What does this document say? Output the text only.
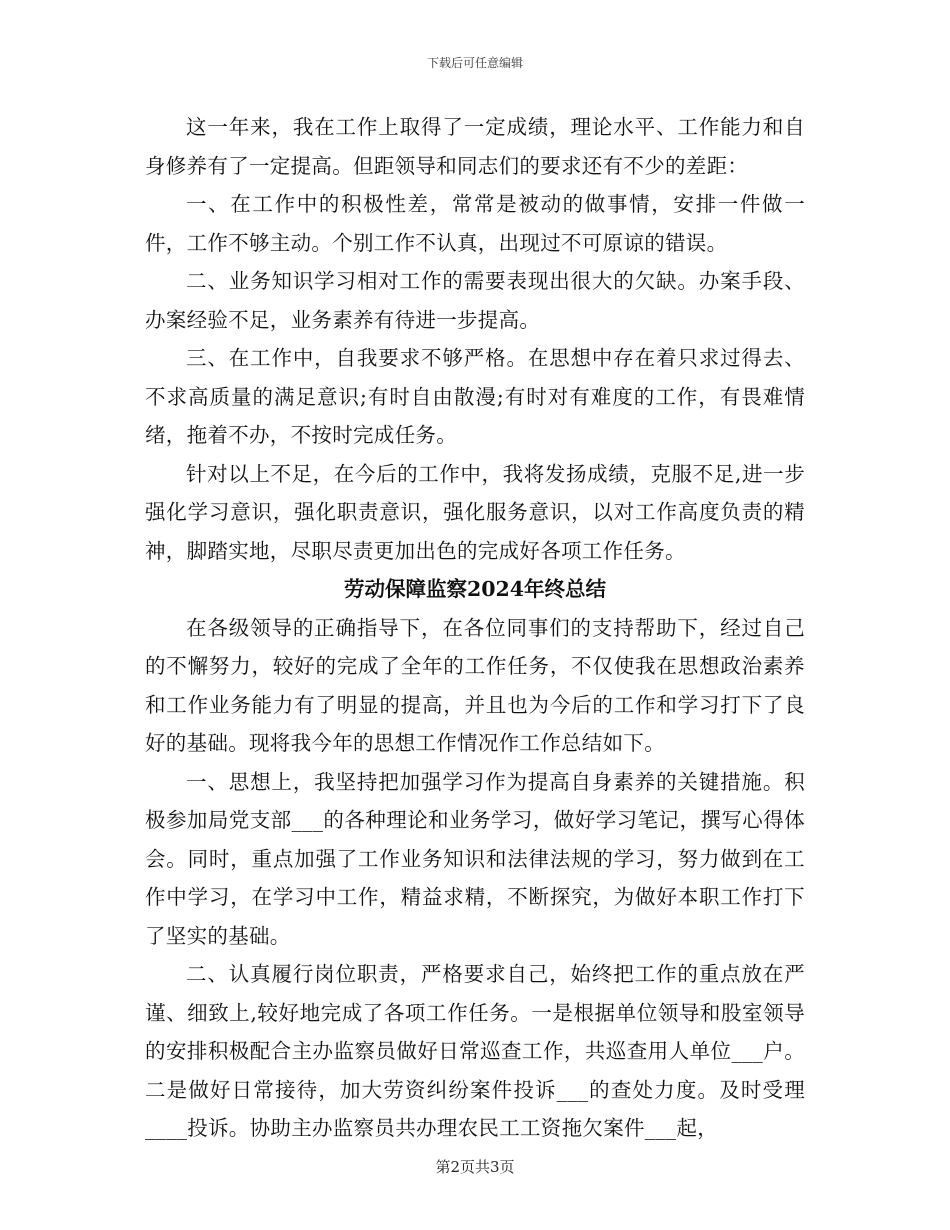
下载后可任意编辑

这一年来，我在工作上取得了一定成绩，理论水平、工作能力和自身修养有了一定提高。但距领导和同志们的要求还有不少的差距：

一、在工作中的积极性差，常常是被动的做事情，安排一件做一件，工作不够主动。个别工作不认真，出现过不可原谅的错误。

二、业务知识学习相对工作的需要表现出很大的欠缺。办案手段、办案经验不足，业务素养有待进一步提高。

三、在工作中，自我要求不够严格。在思想中存在着只求过得去、不求高质量的满足意识;有时自由散漫;有时对有难度的工作，有畏难情绪，拖着不办，不按时完成任务。

针对以上不足，在今后的工作中，我将发扬成绩，克服不足,进一步强化学习意识，强化职责意识，强化服务意识，以对工作高度负责的精神，脚踏实地，尽职尽责更加出色的完成好各项工作任务。

劳动保障监察2024年终总结

在各级领导的正确指导下，在各位同事们的支持帮助下，经过自己的不懈努力，较好的完成了全年的工作任务，不仅使我在思想政治素养和工作业务能力有了明显的提高，并且也为今后的工作和学习打下了良好的基础。现将我今年的思想工作情况作工作总结如下。

一、思想上，我坚持把加强学习作为提高自身素养的关键措施。积极参加局党支部___的各种理论和业务学习，做好学习笔记，撰写心得体会。同时，重点加强了工作业务知识和法律法规的学习，努力做到在工作中学习，在学习中工作，精益求精，不断探究，为做好本职工作打下了坚实的基础。

二、认真履行岗位职责，严格要求自己，始终把工作的重点放在严谨、细致上,较好地完成了各项工作任务。一是根据单位领导和股室领导的安排积极配合主办监察员做好日常巡查工作，共巡查用人单位___户。二是做好日常接待，加大劳资纠纷案件投诉___的查处力度。及时受理____投诉。协助主办监察员共办理农民工工资拖欠案件___起，

第2页共3页
